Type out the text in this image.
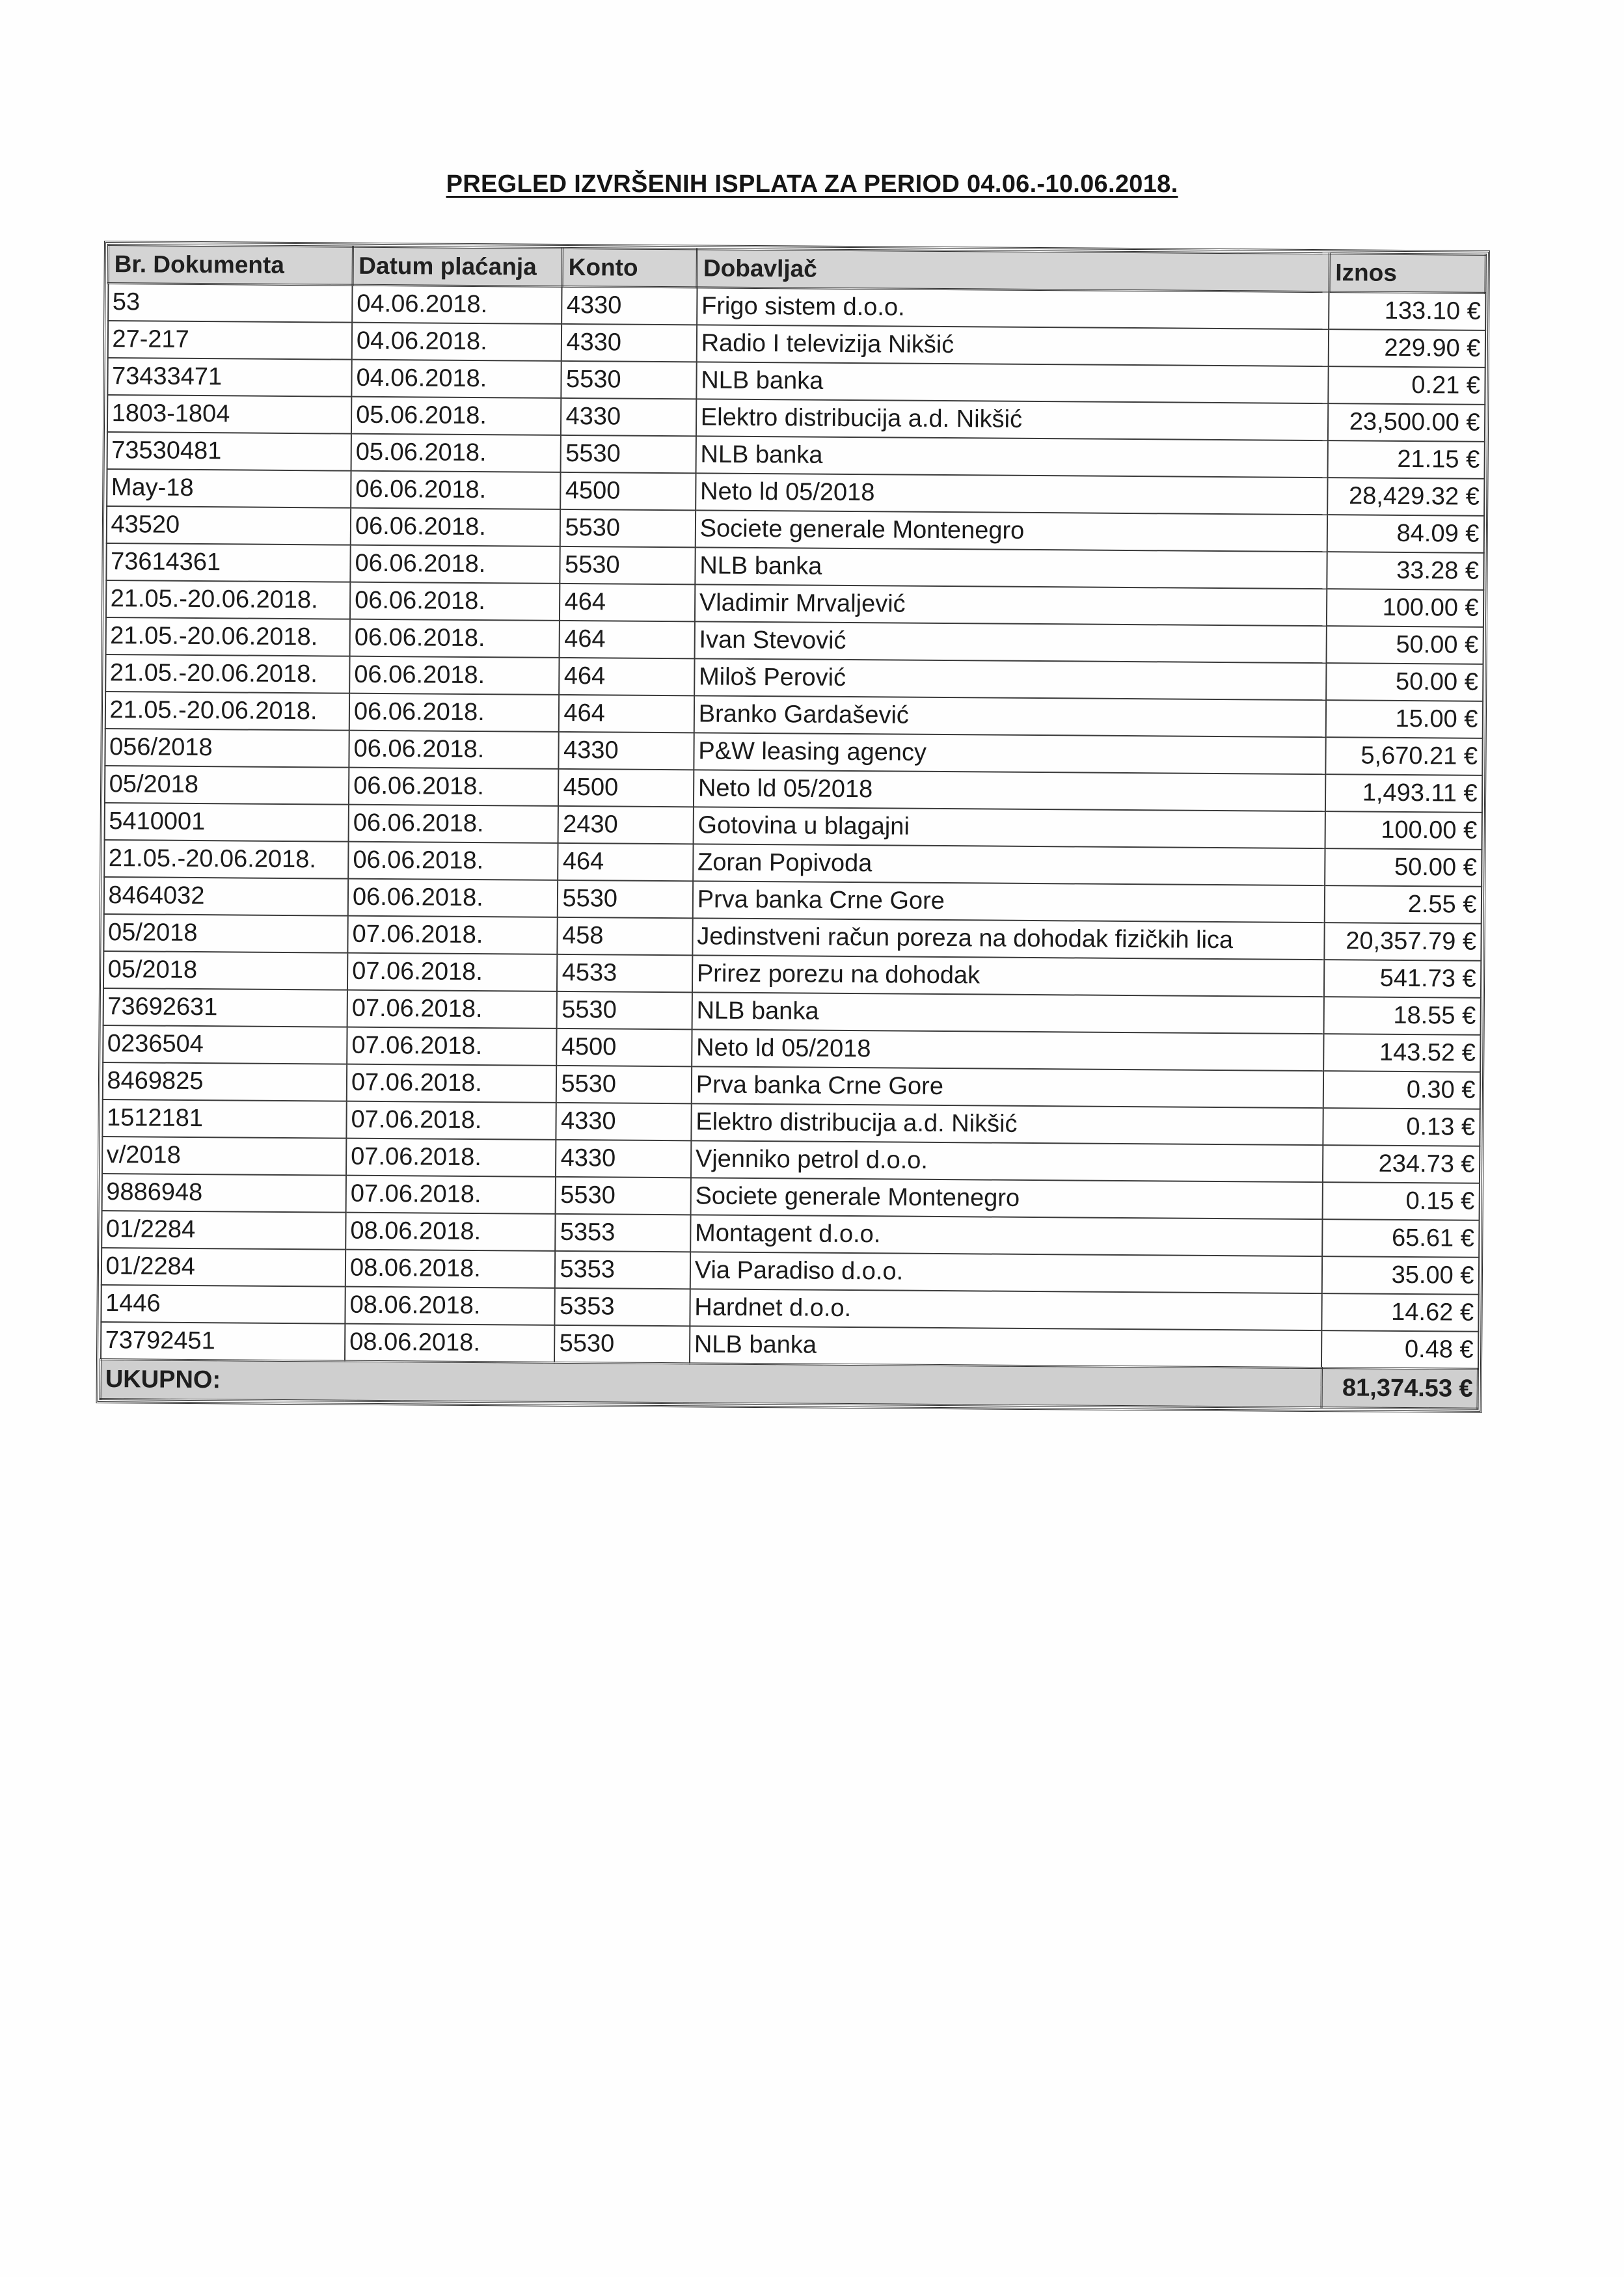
PREGLED IZVRŠENIH ISPLATA ZA PERIOD 04.06.-10.06.2018.
Br. Dokumenta	Datum plaćanja	Konto	Dobavljač	Iznos
53	04.06.2018.	4330	Frigo sistem d.o.o.	133.10 €
27-217	04.06.2018.	4330	Radio I televizija Nikšić	229.90 €
73433471	04.06.2018.	5530	NLB banka	0.21 €
1803-1804	05.06.2018.	4330	Elektro distribucija a.d. Nikšić	23,500.00 €
73530481	05.06.2018.	5530	NLB banka	21.15 €
May-18	06.06.2018.	4500	Neto ld 05/2018	28,429.32 €
43520	06.06.2018.	5530	Societe generale Montenegro	84.09 €
73614361	06.06.2018.	5530	NLB banka	33.28 €
21.05.-20.06.2018.	06.06.2018.	464	Vladimir Mrvaljević	100.00 €
21.05.-20.06.2018.	06.06.2018.	464	Ivan Stevović	50.00 €
21.05.-20.06.2018.	06.06.2018.	464	Miloš Perović	50.00 €
21.05.-20.06.2018.	06.06.2018.	464	Branko Gardašević	15.00 €
056/2018	06.06.2018.	4330	P&W leasing agency	5,670.21 €
05/2018	06.06.2018.	4500	Neto ld 05/2018	1,493.11 €
5410001	06.06.2018.	2430	Gotovina u blagajni	100.00 €
21.05.-20.06.2018.	06.06.2018.	464	Zoran Popivoda	50.00 €
8464032	06.06.2018.	5530	Prva banka Crne Gore	2.55 €
05/2018	07.06.2018.	458	Jedinstveni račun poreza na dohodak fizičkih lica	20,357.79 €
05/2018	07.06.2018.	4533	Prirez porezu na dohodak	541.73 €
73692631	07.06.2018.	5530	NLB banka	18.55 €
0236504	07.06.2018.	4500	Neto ld 05/2018	143.52 €
8469825	07.06.2018.	5530	Prva banka Crne Gore	0.30 €
1512181	07.06.2018.	4330	Elektro distribucija a.d. Nikšić	0.13 €
v/2018	07.06.2018.	4330	Vjenniko petrol d.o.o.	234.73 €
9886948	07.06.2018.	5530	Societe generale Montenegro	0.15 €
01/2284	08.06.2018.	5353	Montagent d.o.o.	65.61 €
01/2284	08.06.2018.	5353	Via Paradiso d.o.o.	35.00 €
1446	08.06.2018.	5353	Hardnet d.o.o.	14.62 €
73792451	08.06.2018.	5530	NLB banka	0.48 €
UKUPNO:				81,374.53 €
